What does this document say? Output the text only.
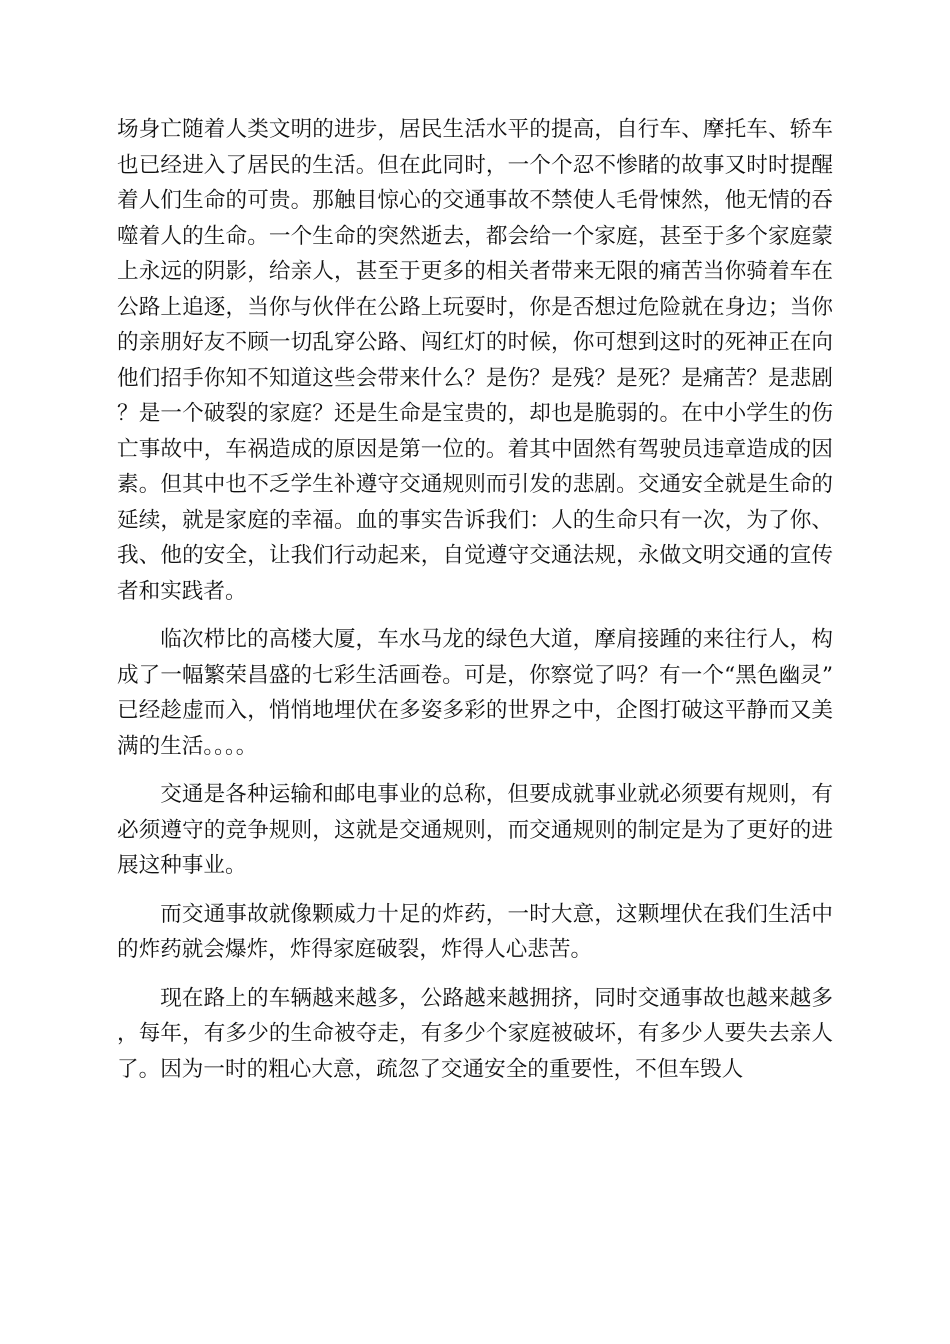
场身亡随着人类文明的进步，居民生活水平的提高，自行车、摩托车、轿车也已经进入了居民的生活。但在此同时，一个个忍不惨睹的故事又时时提醒着人们生命的可贵。那触目惊心的交通事故不禁使人毛骨悚然，他无情的吞噬着人的生命。一个生命的突然逝去，都会给一个家庭，甚至于多个家庭蒙上永远的阴影，给亲人，甚至于更多的相关者带来无限的痛苦当你骑着车在公路上追逐，当你与伙伴在公路上玩耍时，你是否想过危险就在身边；当你的亲朋好友不顾一切乱穿公路、闯红灯的时候，你可想到这时的死神正在向他们招手你知不知道这些会带来什么？是伤？是残？是死？是痛苦？是悲剧？是一个破裂的家庭？还是生命是宝贵的，却也是脆弱的。在中小学生的伤亡事故中，车祸造成的原因是第一位的。着其中固然有驾驶员违章造成的因素。但其中也不乏学生补遵守交通规则而引发的悲剧。交通安全就是生命的延续，就是家庭的幸福。血的事实告诉我们：人的生命只有一次，为了你、我、他的安全，让我们行动起来，自觉遵守交通法规，永做文明交通的宣传者和实践者。

临次栉比的高楼大厦，车水马龙的绿色大道，摩肩接踵的来往行人，构成了一幅繁荣昌盛的七彩生活画卷。可是，你察觉了吗？有一个“黑色幽灵”已经趁虚而入，悄悄地埋伏在多姿多彩的世界之中，企图打破这平静而又美满的生活。。。。

交通是各种运输和邮电事业的总称，但要成就事业就必须要有规则，有必须遵守的竞争规则，这就是交通规则，而交通规则的制定是为了更好的进展这种事业。

而交通事故就像颗威力十足的炸药，一时大意，这颗埋伏在我们生活中的炸药就会爆炸，炸得家庭破裂，炸得人心悲苦。

现在路上的车辆越来越多，公路越来越拥挤，同时交通事故也越来越多，每年，有多少的生命被夺走，有多少个家庭被破坏，有多少人要失去亲人了。因为一时的粗心大意，疏忽了交通安全的重要性，不但车毁人
